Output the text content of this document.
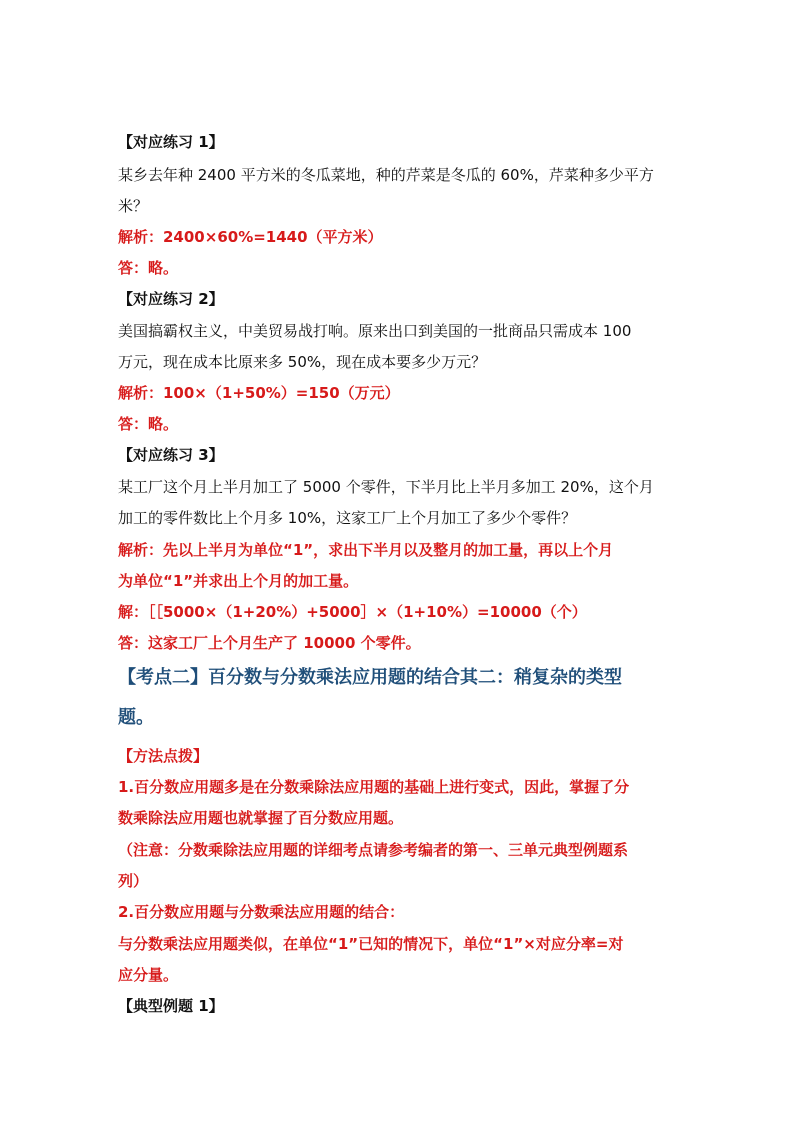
【对应练习 1】
某乡去年种 2400 平方米的冬瓜菜地，种的芹菜是冬瓜的 60%，芹菜种多少平方
米？
解析：2400×60%=1440（平方米）
答：略。
【对应练习 2】
美国搞霸权主义，中美贸易战打响。原来出口到美国的一批商品只需成本 100
万元，现在成本比原来多 50%，现在成本要多少万元？
解析：100×（1+50%）=150（万元）
答：略。
【对应练习 3】
某工厂这个月上半月加工了 5000 个零件，下半月比上半月多加工 20%，这个月
加工的零件数比上个月多 10%，这家工厂上个月加工了多少个零件？
解析：先以上半月为单位“1”，求出下半月以及整月的加工量，再以上个月
为单位“1”并求出上个月的加工量。
解：［［5000×（1+20%）+5000］×（1+10%）=10000（个）
答：这家工厂上个月生产了 10000 个零件。
【考点二】百分数与分数乘法应用题的结合其二：稍复杂的类型
题。
【方法点拨】
1.百分数应用题多是在分数乘除法应用题的基础上进行变式，因此，掌握了分
数乘除法应用题也就掌握了百分数应用题。
（注意：分数乘除法应用题的详细考点请参考编者的第一、三单元典型例题系
列）
2.百分数应用题与分数乘法应用题的结合：
与分数乘法应用题类似，在单位“1”已知的情况下，单位“1”×对应分率=对
应分量。
【典型例题 1】
